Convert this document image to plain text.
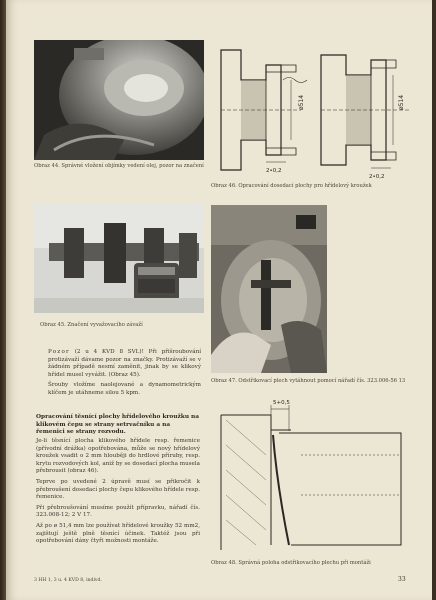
Obraz 44. Správné vložení objímky vedení olej, pozor na značení
ø514
2•0,2
ø514
2•0,2
Obraz 46. Opracování dosedací plochy pro hřídelový kroužek
Obraz 45. Značení vyvažovacího závaží
Obraz 47. Odstřikovací plech vytáhnout pomocí nářadí čís. 323.006-56 13

Pozor (2 u 4 KVD 8 SVL)! Při přišroubování protizávaží dávame pozor na značky. Protizávaží se v žádném případě nesmí zaměnit, jinak by se klikový hřídel musel vyvážit. (Obraz 45).

Šrouby vložíme naolejované a dynamometrickým klíčem je utáhneme silou 5 kpm.

Opracování těsnící plochy hřídelového kroužku na klikovém čepu se strany setrvačníku a na řemenici se strany rozvodu.

Je-li těsnící plocha klikového hřídele resp. řemenice (přívodní drážka) opotřebována, může se nový hřídelový kroužek vsadit o 2 mm hlouběji do hrdlové příruby, resp. krytu rozvodových kol, aniž by se dosedací plocha musela přebrousit (obraz 46).

Teprve po uvedené 2 úpravě musí se přikročit k přebroušení dosedací plochy čepu klikového hřídele resp. řemenice.

Při přebroušování musíme použít přípravku, nářadí čís. 323.008-12; 2 V 17.

Až po ø 51,4 mm lze používat hřídelové kroužky 52 mm2, zajištují ještě plně těsnící účinek. Taktéž jsou při opotřebování dány čtyři možnosti montáže.

5+0,5
Obraz 48. Správná poloha odstřikovacího plechu při montáži
3 HH 1, 3 u. 4 KVD 8, indivd.	33
